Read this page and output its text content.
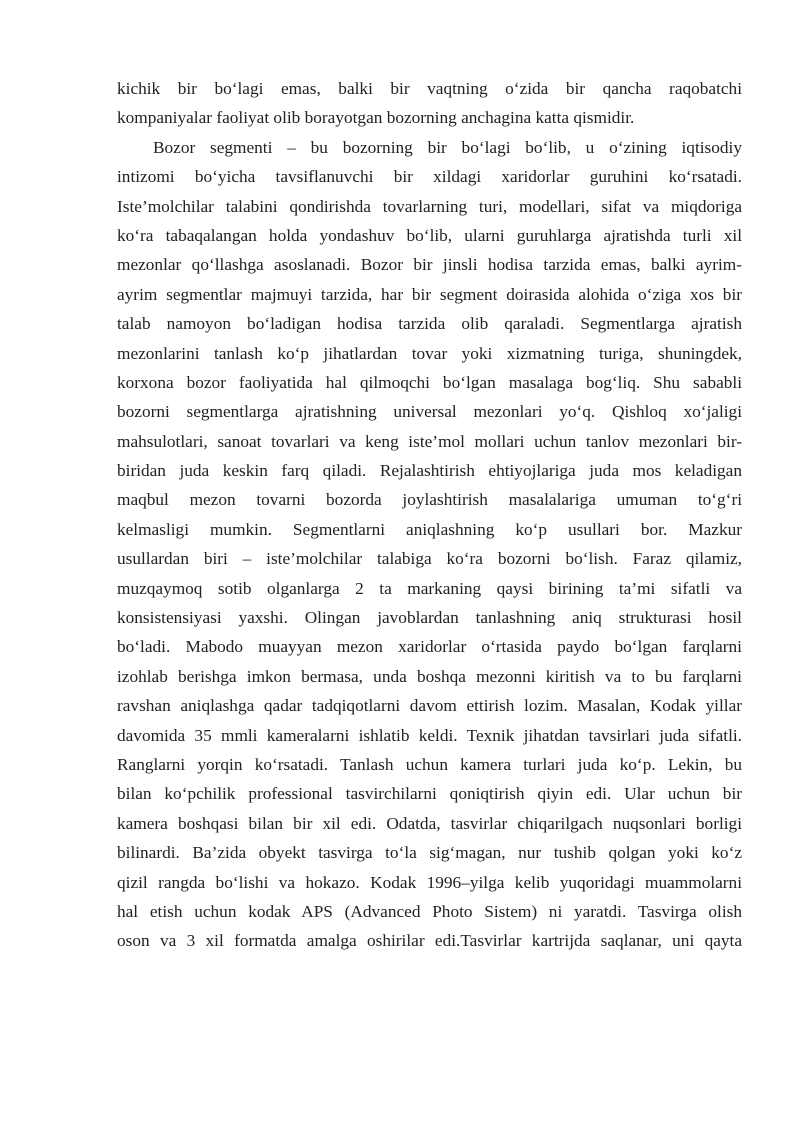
kichik bir bo‘lagi emas, balki bir vaqtning o‘zida bir qancha raqobatchi
kompaniyalar faoliyat olib borayotgan bozorning anchagina katta qismidir.
Bozor segmenti – bu bozorning bir bo‘lagi bo‘lib, u o‘zining iqtisodiy
intizomi bo‘yicha tavsiflanuvchi bir xildagi xaridorlar guruhini ko‘rsatadi.
Iste’molchilar talabini qondirishda tovarlarning turi, modellari, sifat va miqdoriga
ko‘ra tabaqalangan holda yondashuv bo‘lib, ularni guruhlarga ajratishda turli xil
mezonlar qo‘llashga asoslanadi. Bozor bir jinsli hodisa tarzida emas, balki ayrim-
ayrim segmentlar majmuyi tarzida, har bir segment doirasida alohida o‘ziga xos bir
talab namoyon bo‘ladigan hodisa tarzida olib qaraladi. Segmentlarga ajratish
mezonlarini tanlash ko‘p jihatlardan tovar yoki xizmatning turiga, shuningdek,
korxona bozor faoliyatida hal qilmoqchi bo‘lgan masalaga bog‘liq. Shu sababli
bozorni segmentlarga ajratishning universal mezonlari yo‘q. Qishloq xo‘jaligi
mahsulotlari, sanoat tovarlari va keng iste’mol mollari uchun tanlov mezonlari bir-
biridan juda keskin farq qiladi. Rejalashtirish ehtiyojlariga juda mos keladigan
maqbul mezon tovarni bozorda joylashtirish masalalariga umuman to‘g‘ri
kelmasligi mumkin. Segmentlarni aniqlashning ko‘p usullari bor. Mazkur
usullardan biri – iste’molchilar talabiga ko‘ra bozorni bo‘lish. Faraz qilamiz,
muzqaymoq sotib olganlarga 2 ta markaning qaysi birining ta’mi sifatli va
konsistensiyasi yaxshi. Olingan javoblardan tanlashning aniq strukturasi hosil
bo‘ladi. Mabodo muayyan mezon xaridorlar o‘rtasida paydo bo‘lgan farqlarni
izohlab berishga imkon bermasa, unda boshqa mezonni kiritish va to bu farqlarni
ravshan aniqlashga qadar tadqiqotlarni davom ettirish lozim. Masalan, Kodak yillar
davomida 35 mmli kameralarni ishlatib keldi. Texnik jihatdan tavsirlari juda sifatli.
Ranglarni yorqin ko‘rsatadi. Tanlash uchun kamera turlari juda ko‘p. Lekin, bu
bilan ko‘pchilik professional tasvirchilarni qoniqtirish qiyin edi. Ular uchun bir
kamera boshqasi bilan bir xil edi. Odatda, tasvirlar chiqarilgach nuqsonlari borligi
bilinardi. Ba’zida obyekt tasvirga to‘la sig‘magan, nur tushib qolgan yoki ko‘z
qizil rangda bo‘lishi va hokazo. Kodak 1996–yilga kelib yuqoridagi muammolarni
hal etish uchun kodak APS (Advanced Photo Sistem) ni yaratdi. Tasvirga olish
oson va 3 xil formatda amalga oshirilar edi.Tasvirlar kartrijda saqlanar, uni qayta
